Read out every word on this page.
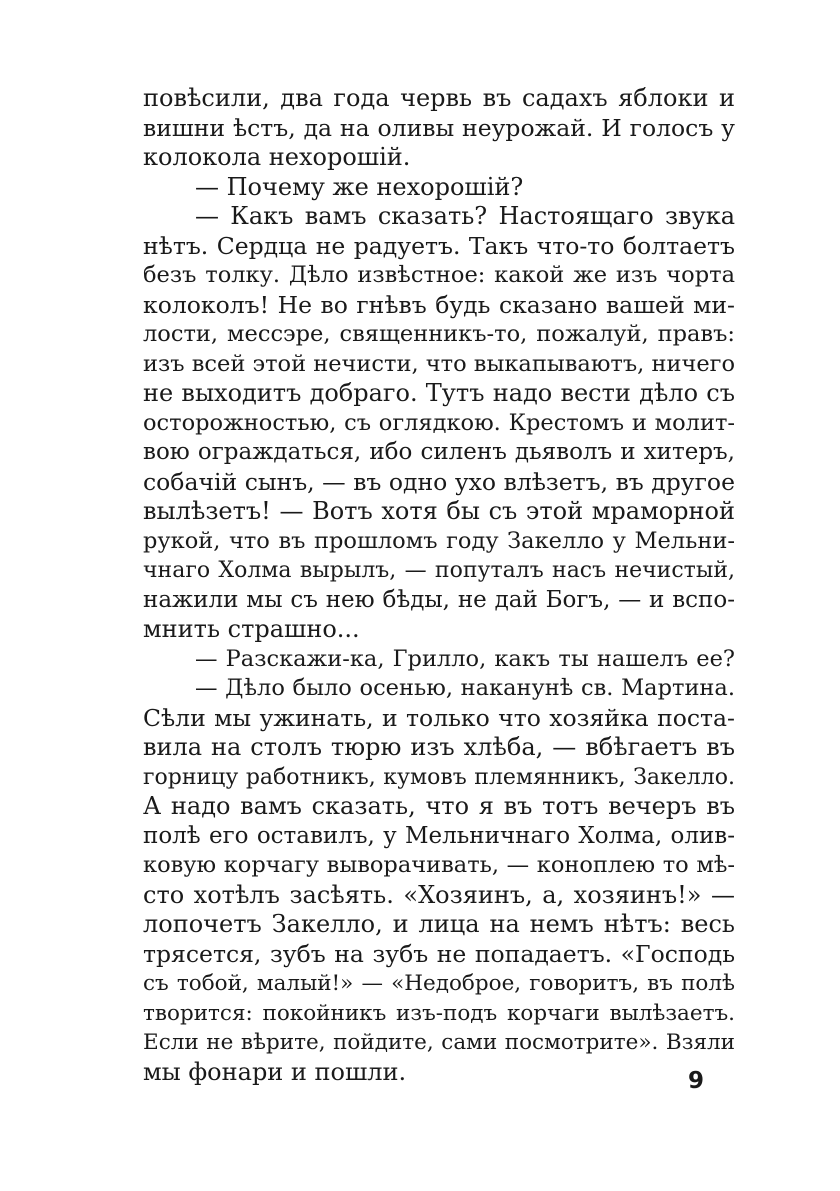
повѣсили, два года червь въ садахъ яблоки и
вишни ѣстъ, да на оливы неурожай. И голосъ у
колокола нехорошій.
— Почему же нехорошій?
— Какъ вамъ сказать? Настоящаго звука
нѣтъ. Сердца не радуетъ. Такъ что-то болтаетъ
безъ толку. Дѣло извѣстное: какой же изъ чорта
колоколъ! Не во гнѣвъ будь сказано вашей ми-
лости, мессэре, священникъ-то, пожалуй, правъ:
изъ всей этой нечисти, что выкапываютъ, ничего
не выходитъ добраго. Тутъ надо вести дѣло съ
осторожностью, съ оглядкою. Крестомъ и молит-
вою ограждаться, ибо силенъ дьяволъ и хитеръ,
собачій сынъ, — въ одно ухо влѣзетъ, въ другое
вылѣзетъ! — Вотъ хотя бы съ этой мраморной
рукой, что въ прошломъ году Закелло у Мельни-
чнаго Холма вырылъ, — попуталъ насъ нечистый,
нажили мы съ нею бѣды, не дай Богъ, — и вспо-
мнить страшно...
— Разскажи-ка, Грилло, какъ ты нашелъ ее?
— Дѣло было осенью, наканунѣ св. Мартина.
Сѣли мы ужинать, и только что хозяйка поста-
вила на столъ тюрю изъ хлѣба, — вбѣгаетъ въ
горницу работникъ, кумовъ племянникъ, Закелло.
А надо вамъ сказать, что я въ тотъ вечеръ въ
полѣ его оставилъ, у Мельничнаго Холма, олив-
ковую корчагу выворачивать, — коноплею то мѣ-
сто хотѣлъ засѣять. «Хозяинъ, а, хозяинъ!» —
лопочетъ Закелло, и лица на немъ нѣтъ: весь
трясется, зубъ на зубъ не попадаетъ. «Господь
съ тобой, малый!» — «Недоброе, говоритъ, въ полѣ
творится: покойникъ изъ-подъ корчаги вылѣзаетъ.
Если не вѣрите, пойдите, сами посмотрите». Взяли
мы фонари и пошли.	9
